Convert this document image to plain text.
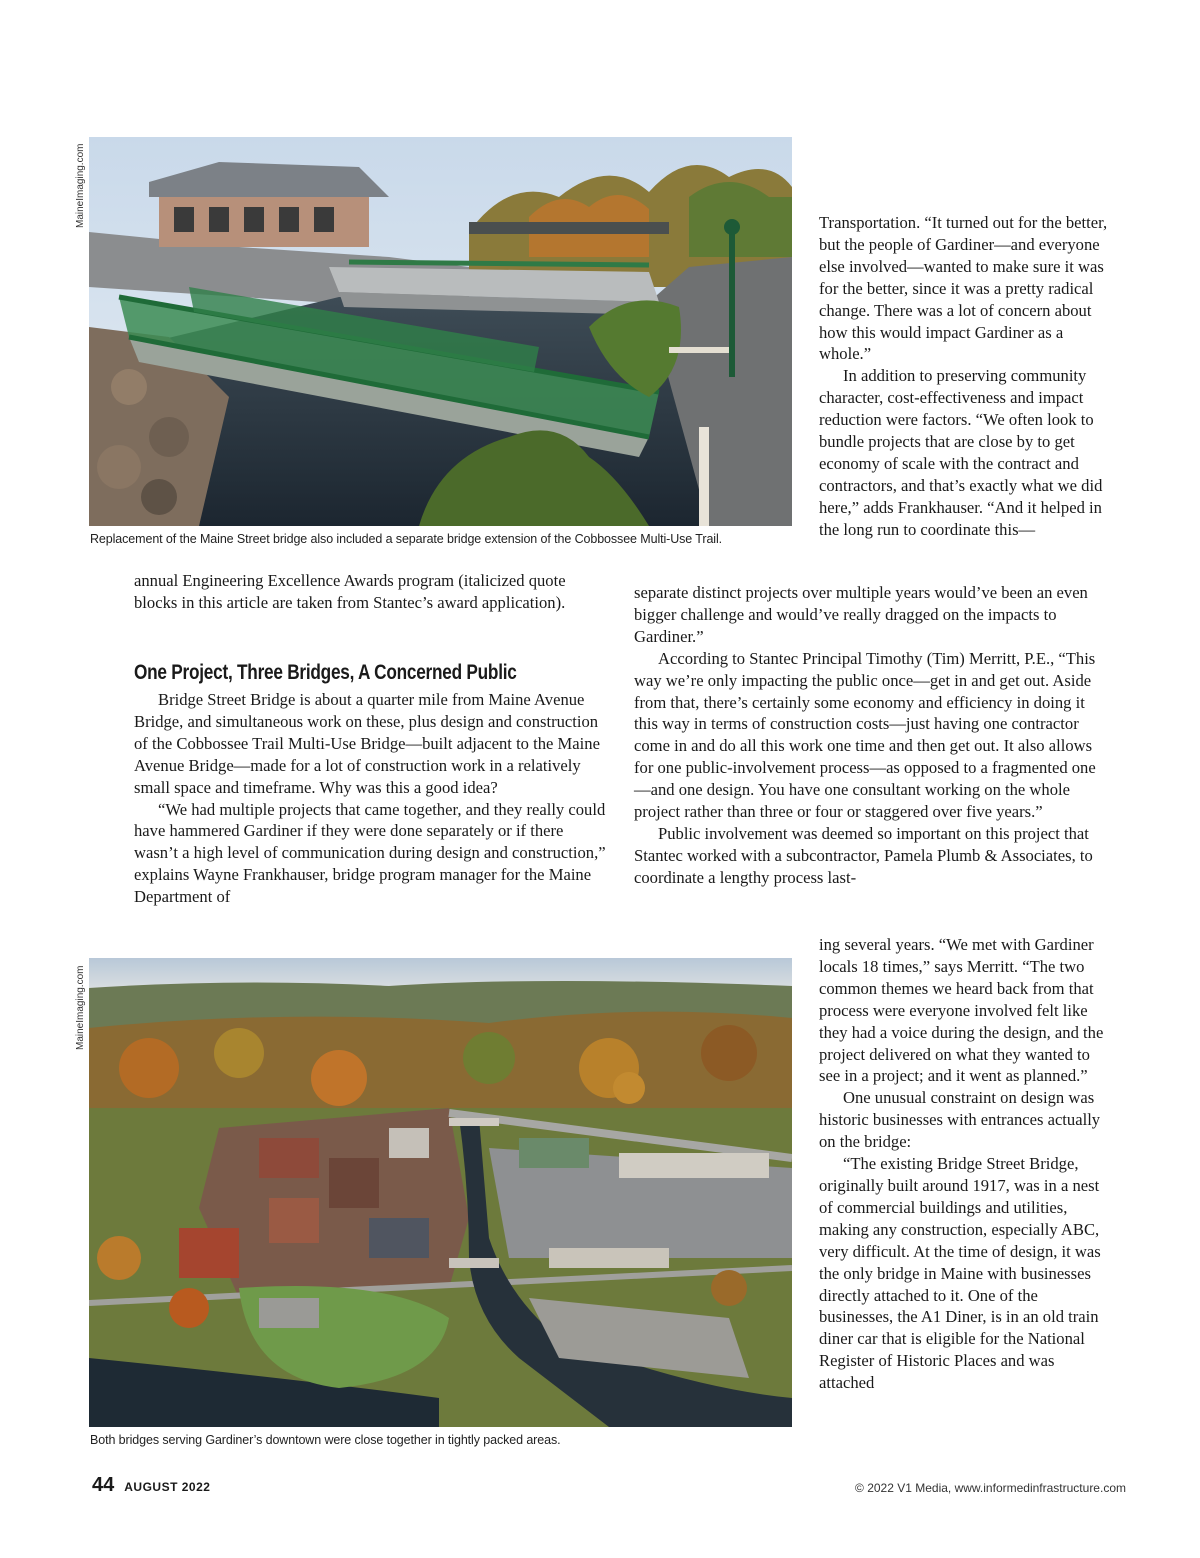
MaineImaging.com
Replacement of the Maine Street bridge also included a separate bridge extension of the Cobbossee Multi-Use Trail.

Transportation. “It turned out for the better, but the people of Gardiner—and everyone else involved—wanted to make sure it was for the better, since it was a pretty radical change. There was a lot of concern about how this would impact Gardiner as a whole.”

In addition to preserving community character, cost-effectiveness and impact reduction were factors. “We often look to bundle projects that are close by to get economy of scale with the contract and contractors, and that’s exactly what we did here,” adds Frankhauser. “And it helped in the long run to coordinate this—

annual Engineering Excellence Awards program (italicized quote blocks in this article are taken from Stantec’s award application).

One Project, Three Bridges, A Concerned Public

Bridge Street Bridge is about a quarter mile from Maine Avenue Bridge, and simultaneous work on these, plus design and construction of the Cobbossee Trail Multi-Use Bridge—built adjacent to the Maine Avenue Bridge—made for a lot of construction work in a relatively small space and timeframe. Why was this a good idea?

“We had multiple projects that came together, and they really could have hammered Gardiner if they were done separately or if there wasn’t a high level of communication during design and construction,” explains Wayne Frankhauser, bridge program manager for the Maine Department of

separate distinct projects over multiple years would’ve been an even bigger challenge and would’ve really dragged on the impacts to Gardiner.”

According to Stantec Principal Timothy (Tim) Merritt, P.E., “This way we’re only impacting the public once—get in and get out. Aside from that, there’s certainly some economy and efficiency in doing it this way in terms of construction costs—just having one contractor come in and do all this work one time and then get out. It also allows for one public-involvement process—as opposed to a fragmented one—and one design. You have one consultant working on the whole project rather than three or four or staggered over five years.”

Public involvement was deemed so important on this project that Stantec worked with a subcontractor, Pamela Plumb & Associates, to coordinate a lengthy process last-

MaineImaging.com
Both bridges serving Gardiner’s downtown were close together in tightly packed areas.

ing several years. “We met with Gardiner locals 18 times,” says Merritt. “The two common themes we heard back from that process were everyone involved felt like they had a voice during the design, and the project delivered on what they wanted to see in a project; and it went as planned.”

One unusual constraint on design was historic businesses with entrances actually on the bridge:

“The existing Bridge Street Bridge, originally built around 1917, was in a nest of commercial buildings and utilities, making any construction, especially ABC, very difficult. At the time of design, it was the only bridge in Maine with businesses directly attached to it. One of the businesses, the A1 Diner, is in an old train diner car that is eligible for the National Register of Historic Places and was attached

44 AUGUST 2022	© 2022 V1 Media, www.informedinfrastructure.com
